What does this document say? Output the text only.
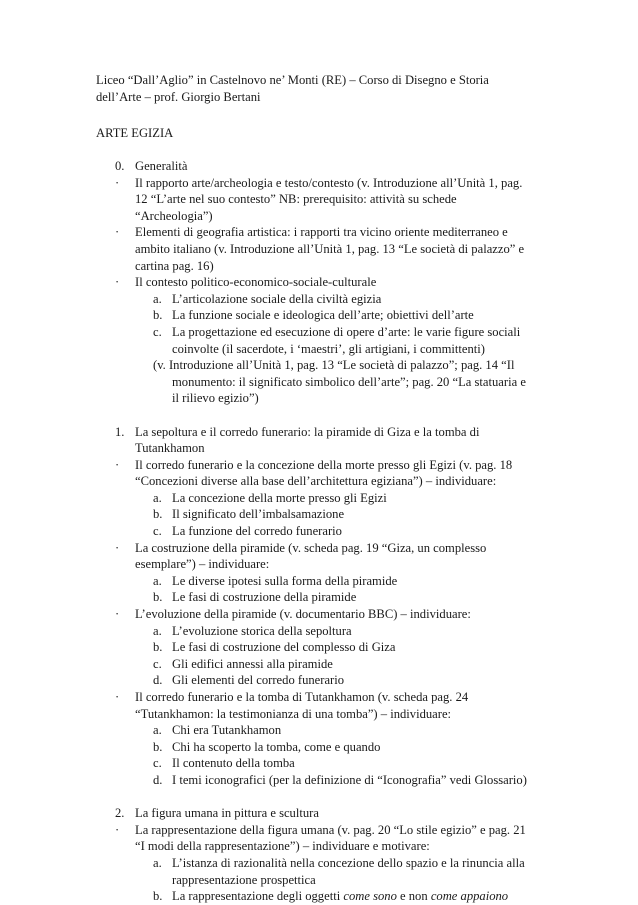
Liceo “Dall’Aglio” in Castelnovo ne’ Monti (RE) – Corso di Disegno e Storia
dell’Arte – prof. Giorgio Bertani
ARTE EGIZIA
0. Generalità
·	Il rapporto arte/archeologia e testo/contesto (v. Introduzione all’Unità 1, pag.
12 “L’arte nel suo contesto” NB: prerequisito: attività su schede
“Archeologia”)
·	Elementi di geografia artistica: i rapporti tra vicino oriente mediterraneo e
ambito italiano (v. Introduzione all’Unità 1, pag. 13 “Le società di palazzo” e
cartina pag. 16)
·	Il contesto politico-economico-sociale-culturale
a. L’articolazione sociale della civiltà egizia
b. La funzione sociale e ideologica dell’arte; obiettivi dell’arte
c. La progettazione ed esecuzione di opere d’arte: le varie figure sociali
coinvolte (il sacerdote, i ‘maestri’, gli artigiani, i committenti)
(v. Introduzione all’Unità 1, pag. 13 “Le società di palazzo”; pag. 14 “Il
monumento: il significato simbolico dell’arte”; pag. 20 “La statuaria e
il rilievo egizio”)
1. La sepoltura e il corredo funerario: la piramide di Giza e la tomba di
Tutankhamon
·	Il corredo funerario e la concezione della morte presso gli Egizi (v. pag. 18
“Concezioni diverse alla base dell’architettura egiziana”) – individuare:
a. La concezione della morte presso gli Egizi
b. Il significato dell’imbalsamazione
c. La funzione del corredo funerario
·	La costruzione della piramide (v. scheda pag. 19 “Giza, un complesso
esemplare”) – individuare:
a. Le diverse ipotesi sulla forma della piramide
b. Le fasi di costruzione della piramide
·	L’evoluzione della piramide (v. documentario BBC) – individuare:
a. L’evoluzione storica della sepoltura
b. Le fasi di costruzione del complesso di Giza
c. Gli edifici annessi alla piramide
d. Gli elementi del corredo funerario
·	Il corredo funerario e la tomba di Tutankhamon (v. scheda pag. 24
“Tutankhamon: la testimonianza di una tomba”) – individuare:
a. Chi era Tutankhamon
b. Chi ha scoperto la tomba, come e quando
c. Il contenuto della tomba
d. I temi iconografici (per la definizione di “Iconografia” vedi Glossario)
2. La figura umana in pittura e scultura
·	La rappresentazione della figura umana (v. pag. 20 “Lo stile egizio” e pag. 21
“I modi della rappresentazione”) – individuare e motivare:
a. L’istanza di razionalità nella concezione dello spazio e la rinuncia alla
rappresentazione prospettica
b. La rappresentazione degli oggetti come sono e non come appaiono
